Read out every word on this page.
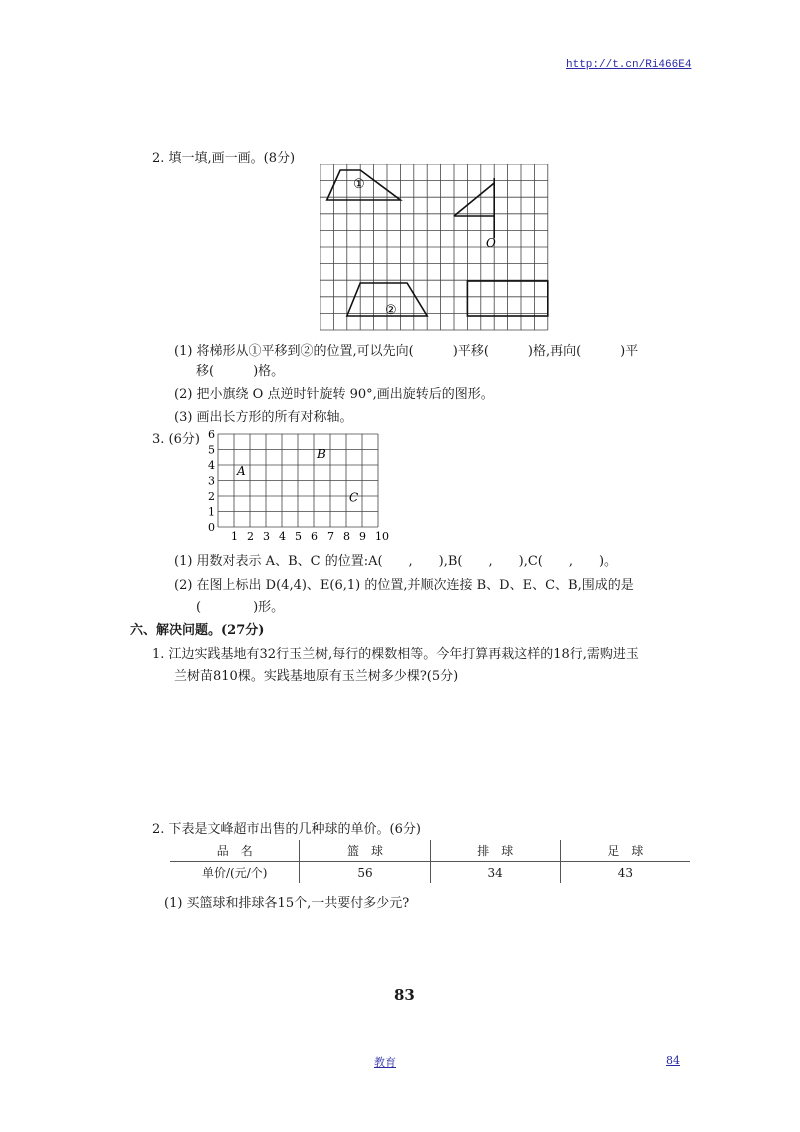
http://t.cn/Ri466E4
2. 填一填,画一画。(8分)
①
②
O
(1) 将梯形从①平移到②的位置,可以先向(　　　)平移(　　　)格,再向(　　　)平
移(　　　)格。
(2) 把小旗绕 O 点逆时针旋转 90°,画出旋转后的图形。
(3) 画出长方形的所有对称轴。
3. (6分) 6
5
4
3
2
1
0
1 2 3 4 5 6 7 8 9 10
A
B
C
(1) 用数对表示 A、B、C 的位置:A(　　,　　),B(　　,　　),C(　　,　　)。
(2) 在图上标出 D(4,4)、E(6,1) 的位置,并顺次连接 B、D、E、C、B,围成的是
(　　　　)形。
六、解决问题。(27分)
1. 江边实践基地有32行玉兰树,每行的棵数相等。今年打算再栽这样的18行,需购进玉
兰树苗810棵。实践基地原有玉兰树多少棵?(5分)
2. 下表是文峰超市出售的几种球的单价。(6分)
品　名	篮　球	排　球	足　球
单价/(元/个)	56	34	43
(1) 买篮球和排球各15个,一共要付多少元?
83
教育	84
